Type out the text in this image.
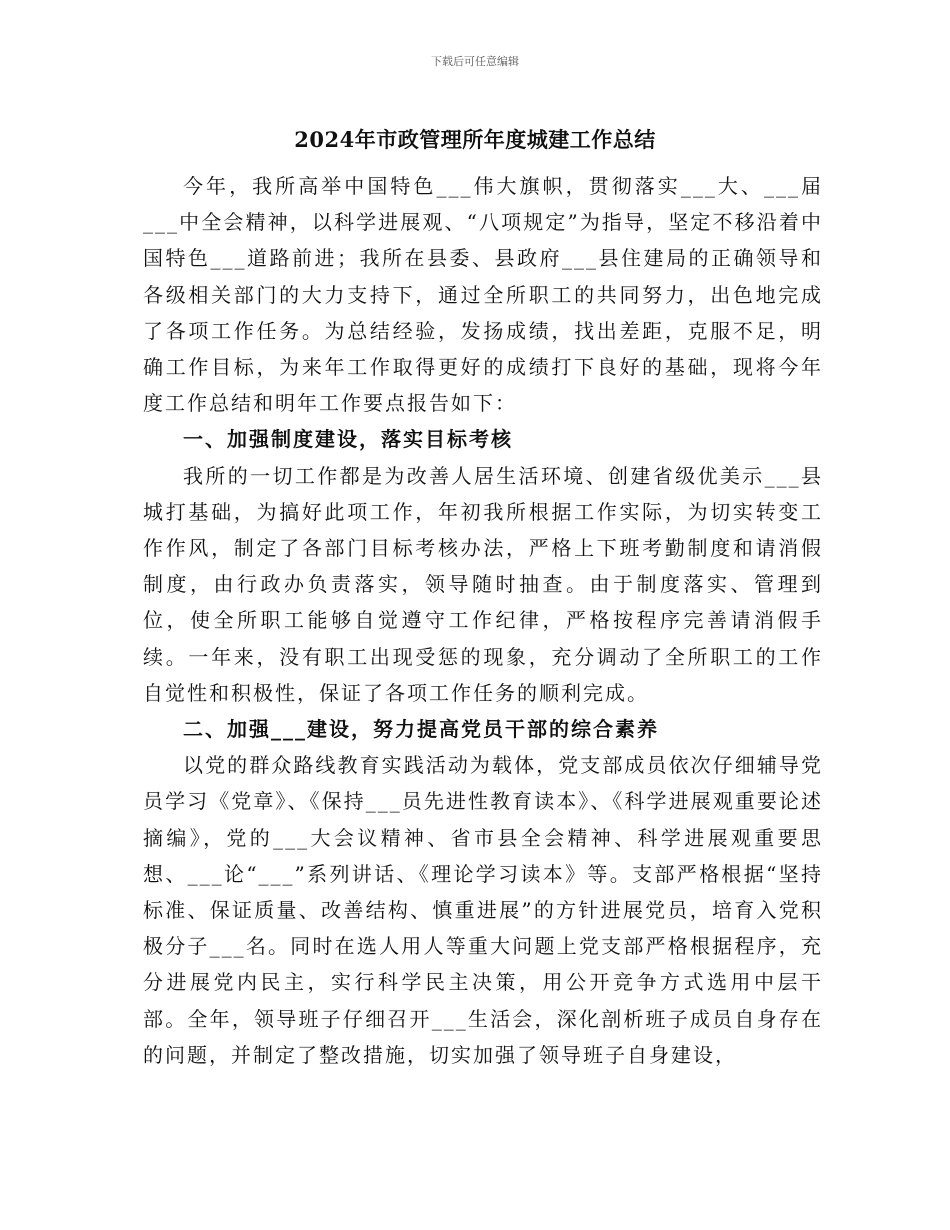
下载后可任意编辑
2024年市政管理所年度城建工作总结

今年，我所高举中国特色___伟大旗帜，贯彻落实___大、___届___中全会精神，以科学进展观、“八项规定”为指导，坚定不移沿着中国特色___道路前进；我所在县委、县政府___县住建局的正确领导和各级相关部门的大力支持下，通过全所职工的共同努力，出色地完成了各项工作任务。为总结经验，发扬成绩，找出差距，克服不足，明确工作目标，为来年工作取得更好的成绩打下良好的基础，现将今年度工作总结和明年工作要点报告如下：

一、加强制度建设，落实目标考核

我所的一切工作都是为改善人居生活环境、创建省级优美示___县城打基础，为搞好此项工作，年初我所根据工作实际，为切实转变工作作风，制定了各部门目标考核办法，严格上下班考勤制度和请消假制度，由行政办负责落实，领导随时抽查。由于制度落实、管理到位，使全所职工能够自觉遵守工作纪律，严格按程序完善请消假手续。一年来，没有职工出现受惩的现象，充分调动了全所职工的工作自觉性和积极性，保证了各项工作任务的顺利完成。

二、加强___建设，努力提高党员干部的综合素养

以党的群众路线教育实践活动为载体，党支部成员依次仔细辅导党员学习《党章》、《保持___员先进性教育读本》、《科学进展观重要论述摘编》，党的___大会议精神、省市县全会精神、科学进展观重要思想、___论“___”系列讲话、《理论学习读本》等。支部严格根据“坚持标准、保证质量、改善结构、慎重进展”的方针进展党员，培育入党积极分子___名。同时在选人用人等重大问题上党支部严格根据程序，充分进展党内民主，实行科学民主决策，用公开竞争方式选用中层干部。全年，领导班子仔细召开___生活会，深化剖析班子成员自身存在的问题，并制定了整改措施，切实加强了领导班子自身建设，
